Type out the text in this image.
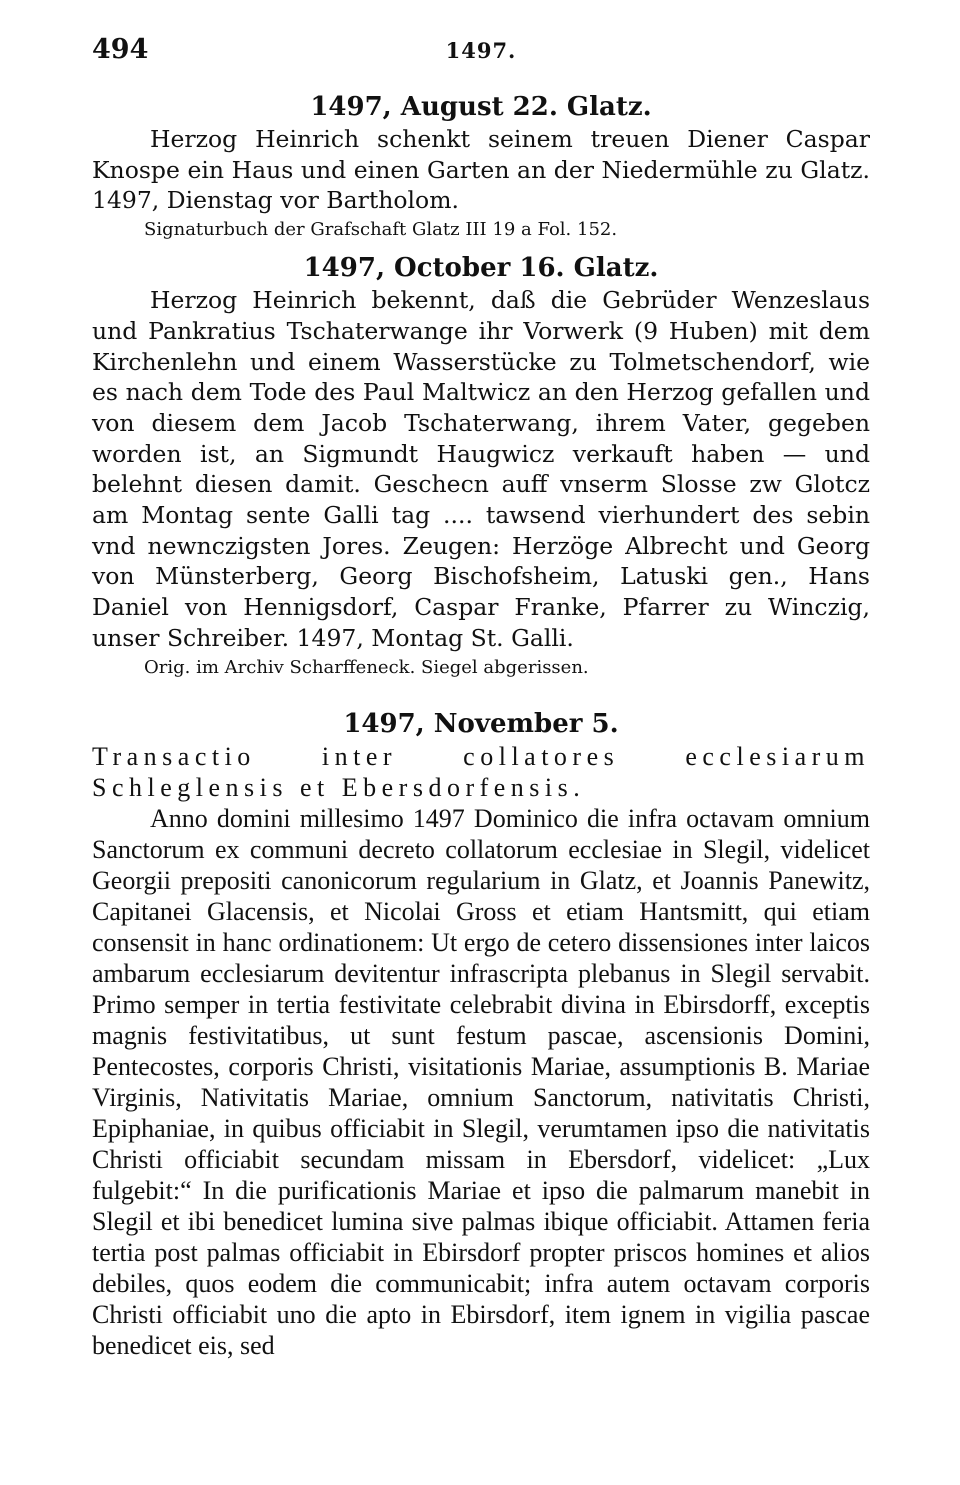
494	1497.
1497, August 22. Glatz.

Herzog Heinrich schenkt seinem treuen Diener Caspar Knospe ein Haus und einen Garten an der Niedermühle zu Glatz. 1497, Dienstag vor Bartholom.

Signaturbuch der Grafschaft Glatz III 19 a Fol. 152.

1497, October 16. Glatz.

Herzog Heinrich bekennt, daß die Gebrüder Wenzeslaus und Pankratius Tschaterwange ihr Vorwerk (9 Huben) mit dem Kirchenlehn und einem Wasserstücke zu Tolmetschendorf, wie es nach dem Tode des Paul Maltwicz an den Herzog gefallen und von diesem dem Jacob Tschaterwang, ihrem Vater, gegeben worden ist, an Sigmundt Haugwicz verkauft haben — und belehnt diesen damit. Geschecn auff vnserm Slosse zw Glotcz am Montag sente Galli tag .... tawsend vierhundert des sebin vnd newnczigsten Jores. Zeugen: Herzöge Albrecht und Georg von Münsterberg, Georg Bischofsheim, Latuski gen., Hans Daniel von Hennigsdorf, Caspar Franke, Pfarrer zu Winczig, unser Schreiber. 1497, Montag St. Galli.

Orig. im Archiv Scharffeneck. Siegel abgerissen.

1497, November 5.

Transactio inter collatores ecclesiarum Schleglensis et Ebersdorfensis.

Anno domini millesimo 1497 Dominico die infra octavam omnium Sanctorum ex communi decreto collatorum ecclesiae in Slegil, videlicet Georgii prepositi canonicorum regularium in Glatz, et Joannis Panewitz, Capitanei Glacensis, et Nicolai Gross et etiam Hantsmitt, qui etiam consensit in hanc ordinationem: Ut ergo de cetero dissensiones inter laicos ambarum ecclesiarum devitentur infrascripta plebanus in Slegil servabit. Primo semper in tertia festivitate celebrabit divina in Ebirsdorff, exceptis magnis festivitatibus, ut sunt festum pascae, ascensionis Domini, Pentecostes, corporis Christi, visitationis Mariae, assumptionis B. Mariae Virginis, Nativitatis Mariae, omnium Sanctorum, nativitatis Christi, Epiphaniae, in quibus officiabit in Slegil, verumtamen ipso die nativitatis Christi officiabit secundam missam in Ebersdorf, videlicet: „Lux fulgebit:“ In die purificationis Mariae et ipso die palmarum manebit in Slegil et ibi benedicet lumina sive palmas ibique officiabit. Attamen feria tertia post palmas officiabit in Ebirsdorf propter priscos homines et alios debiles, quos eodem die communicabit; infra autem octavam corporis Christi officiabit uno die apto in Ebirsdorf, item ignem in vigilia pascae benedicet eis, sed
